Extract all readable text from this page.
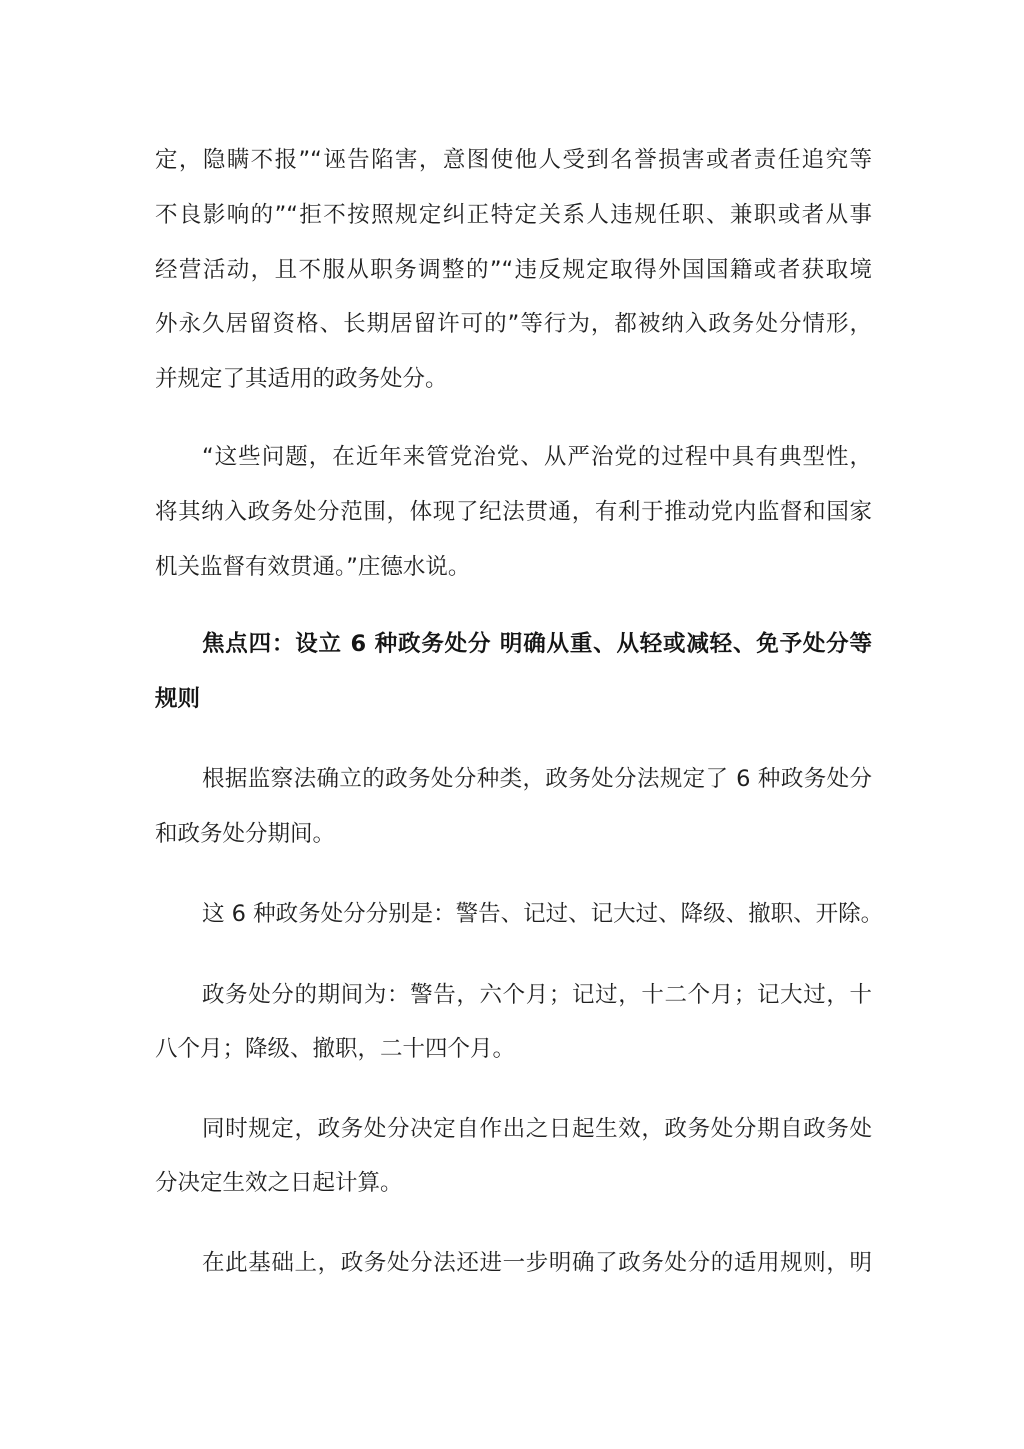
定，隐瞒不报”“诬告陷害，意图使他人受到名誉损害或者责任追究等
不良影响的”“拒不按照规定纠正特定关系人违规任职、兼职或者从事
经营活动，且不服从职务调整的”“违反规定取得外国国籍或者获取境
外永久居留资格、长期居留许可的”等行为，都被纳入政务处分情形，
并规定了其适用的政务处分。
“这些问题，在近年来管党治党、从严治党的过程中具有典型性，
将其纳入政务处分范围，体现了纪法贯通，有利于推动党内监督和国家
机关监督有效贯通。”庄德水说。
焦点四：设立 6 种政务处分 明确从重、从轻或减轻、免予处分等
规则
根据监察法确立的政务处分种类，政务处分法规定了 6 种政务处分
和政务处分期间。
这 6 种政务处分分别是：警告、记过、记大过、降级、撤职、开除。
政务处分的期间为：警告，六个月；记过，十二个月；记大过，十
八个月；降级、撤职，二十四个月。
同时规定，政务处分决定自作出之日起生效，政务处分期自政务处
分决定生效之日起计算。
在此基础上，政务处分法还进一步明确了政务处分的适用规则，明
